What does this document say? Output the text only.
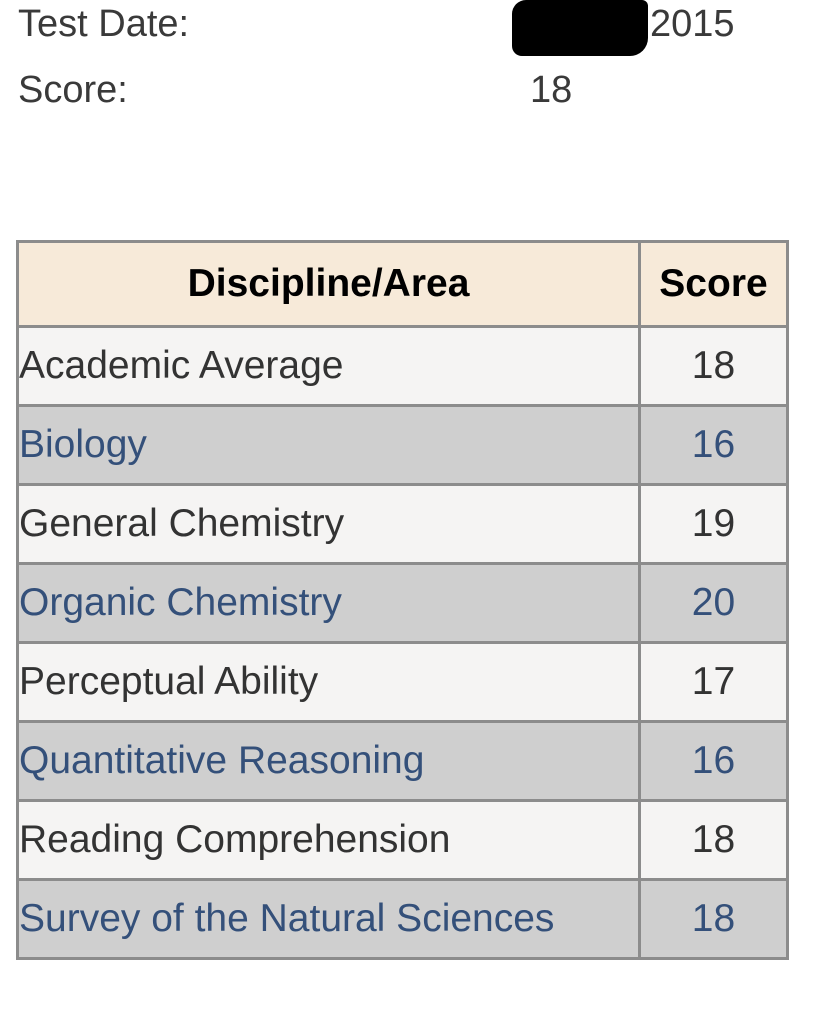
Test Date:	2015
Score:	18
Discipline/Area	Score
Academic Average	18
Biology	16
General Chemistry	19
Organic Chemistry	20
Perceptual Ability	17
Quantitative Reasoning	16
Reading Comprehension	18
Survey of the Natural Sciences	18
